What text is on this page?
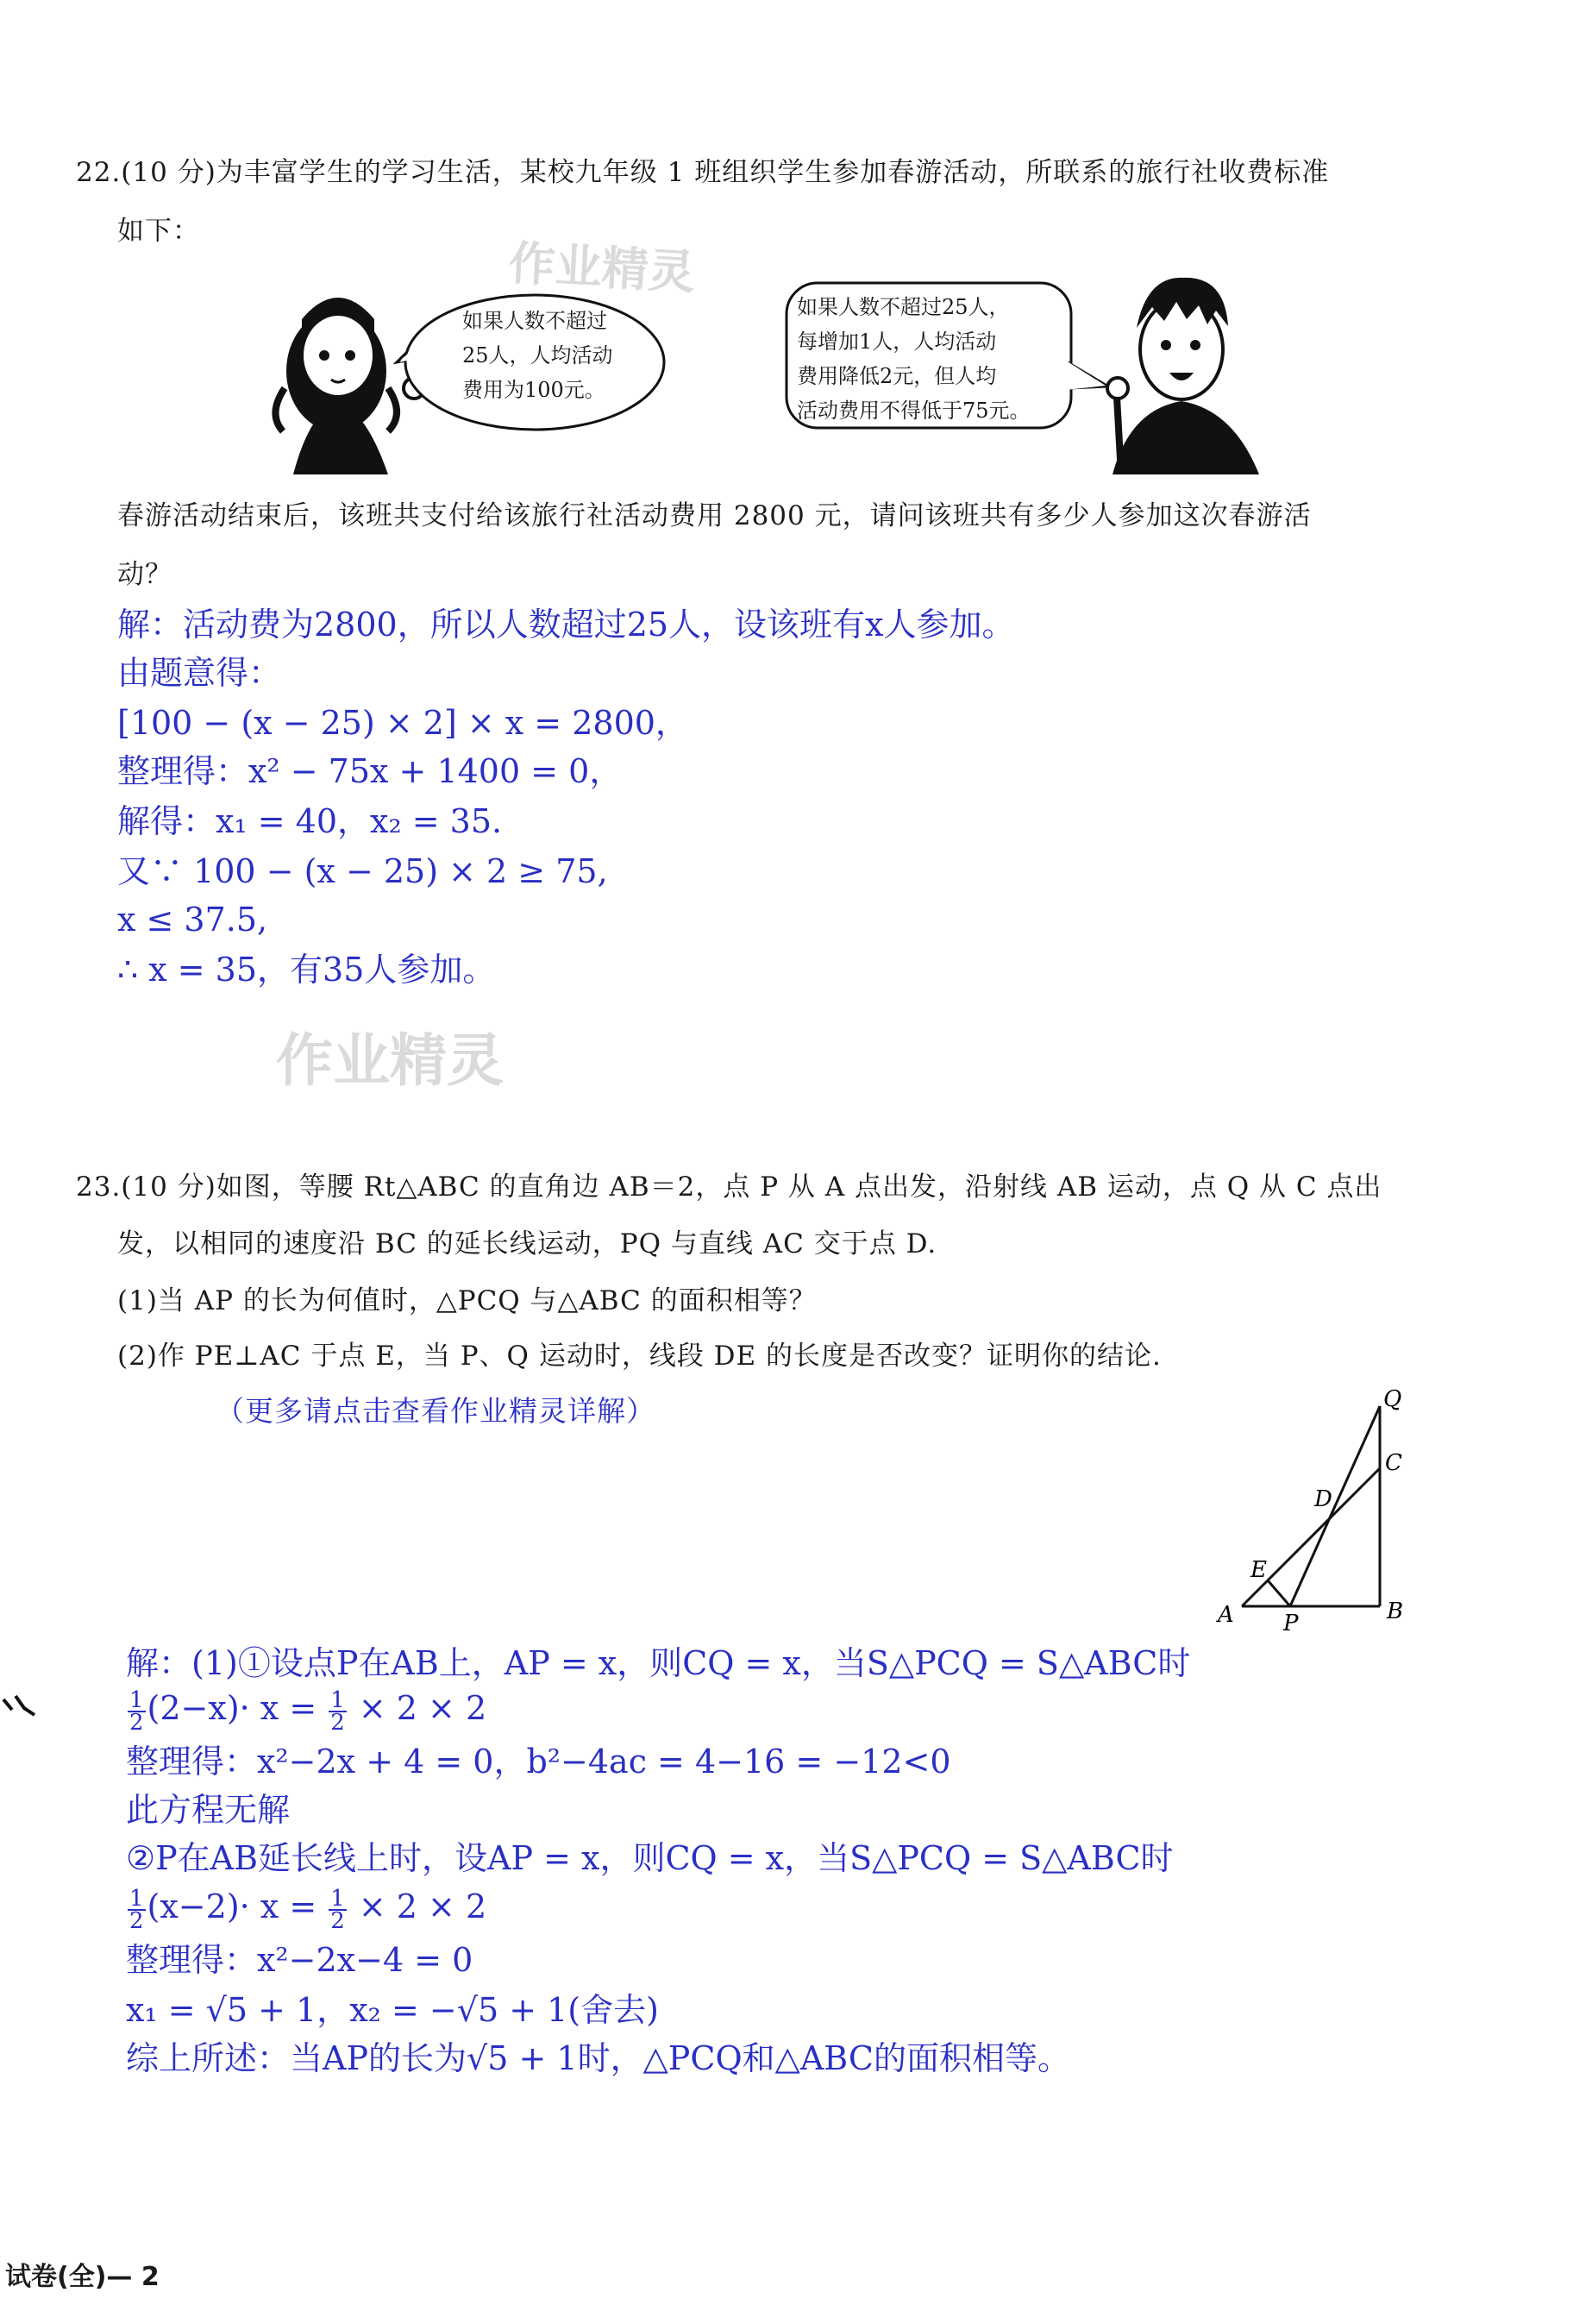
22.(10 分)为丰富学生的学习生活，某校九年级 1 班组织学生参加春游活动，所联系的旅行社收费标准
如下：
作业精灵
如果人数不超过
25人，人均活动
费用为100元。
如果人数不超过25人，
每增加1人，人均活动
费用降低2元，但人均
活动费用不得低于75元。
春游活动结束后，该班共支付给该旅行社活动费用 2800 元，请问该班共有多少人参加这次春游活
动？
解：活动费为2800，所以人数超过25人，设该班有x人参加。
由题意得：
[100 − (x − 25) × 2] × x = 2800，
整理得：x² − 75x + 1400 = 0，
解得：x₁ = 40，x₂ = 35.
又∵ 100 − (x − 25) × 2 ≥ 75,
x ≤ 37.5,
∴ x = 35，有35人参加。
作业精灵
23.(10 分)如图，等腰 Rt△ABC 的直角边 AB＝2，点 P 从 A 点出发，沿射线 AB 运动，点 Q 从 C 点出
发，以相同的速度沿 BC 的延长线运动，PQ 与直线 AC 交于点 D.
(1)当 AP 的长为何值时，△PCQ 与△ABC 的面积相等？
(2)作 PE⊥AC 于点 E，当 P、Q 运动时，线段 DE 的长度是否改变？证明你的结论.
（更多请点击查看作业精灵详解）	Q
C
D
E
A P	B
解：(1)①设点P在AB上，AP = x，则CQ = x，当S△PCQ = S△ABC时
$\frac{1}{2} (2-x)\cdot x = \frac{1}{2} \times 2 \times 2$
整理得：x²−2x + 4 = 0，b²−4ac = 4−16 = −12<0
此方程无解
②P在AB延长线上时，设AP = x，则CQ = x，当S△PCQ = S△ABC时
$\frac{1}{2} (x-2)\cdot x = \frac{1}{2} \times 2 \times 2$
整理得：x²−2x−4 = 0
x₁ = √5 + 1，x₂ = −√5 + 1(舍去)
综上所述：当AP的长为√5 + 1时，△PCQ和△ABC的面积相等。
试卷(全)— 2
